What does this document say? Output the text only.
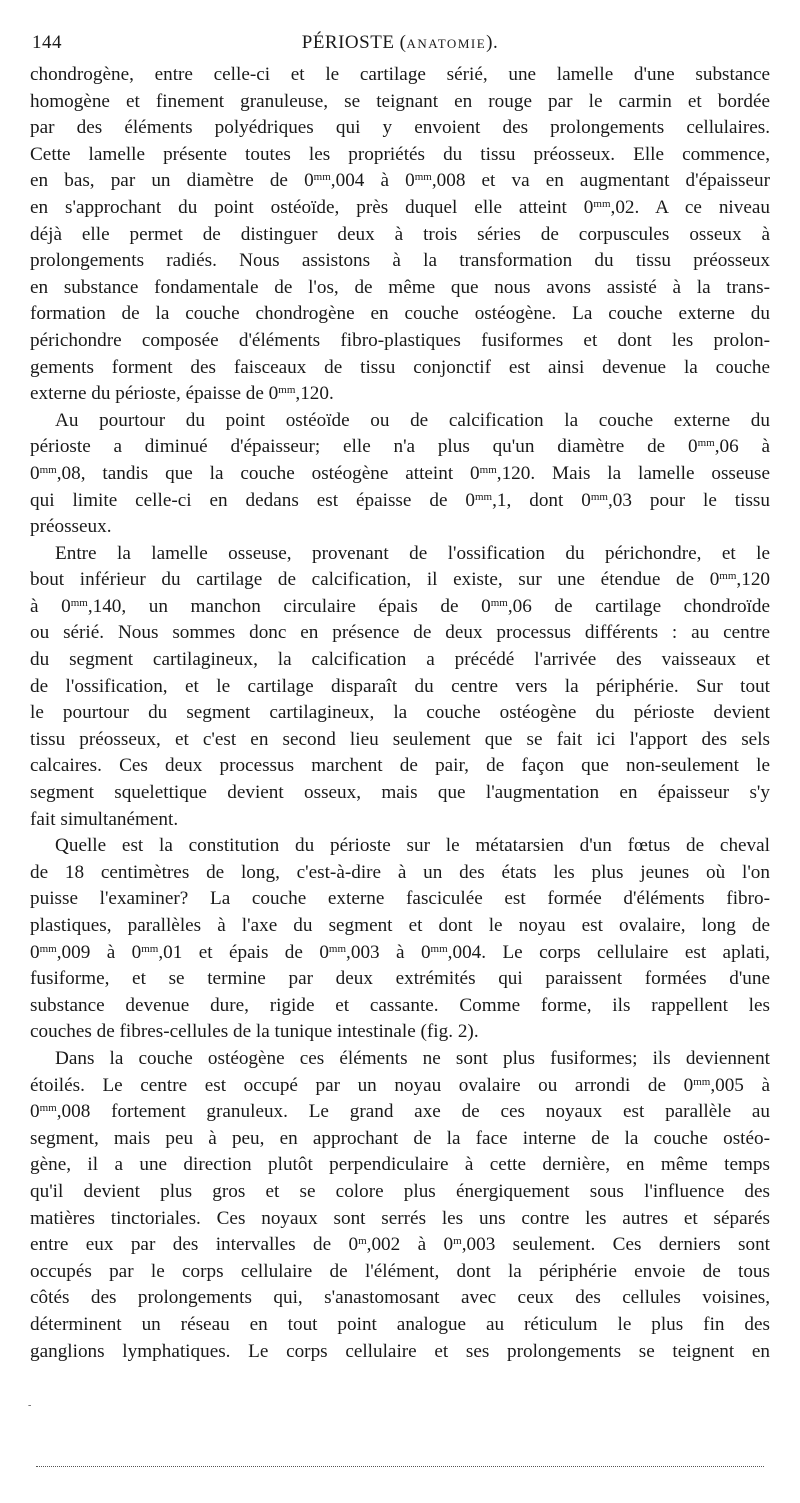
144	PÉRIOSTE (ANATOMIE).

chondrogène, entre celle-ci et le cartilage sérié, une lamelle d'une substance
homogène et finement granuleuse, se teignant en rouge par le carmin et bordée
par des éléments polyédriques qui y envoient des prolongements cellulaires.
Cette lamelle présente toutes les propriétés du tissu préosseux. Elle commence,
en bas, par un diamètre de $0^{mm},004$ à $0^{mm},008$ et va en augmentant d'épaisseur
en s'approchant du point ostéoïde, près duquel elle atteint $0^{mm},02$. A ce niveau
déjà elle permet de distinguer deux à trois séries de corpuscules osseux à
prolongements radiés. Nous assistons à la transformation du tissu préosseux
en substance fondamentale de l'os, de même que nous avons assisté à la trans-
formation de la couche chondrogène en couche ostéogène. La couche externe du
périchondre composée d'éléments fibro-plastiques fusiformes et dont les prolon-
gements forment des faisceaux de tissu conjonctif est ainsi devenue la couche
externe du périoste, épaisse de $0^{mm},120$.

Au pourtour du point ostéoïde ou de calcification la couche externe du
périoste a diminué d'épaisseur; elle n'a plus qu'un diamètre de $0^{mm},06$ à
$0^{mm},08$, tandis que la couche ostéogène atteint $0^{mm},120$. Mais la lamelle osseuse
qui limite celle-ci en dedans est épaisse de $0^{mm},1$, dont $0^{mm},03$ pour le tissu
préosseux.

Entre la lamelle osseuse, provenant de l'ossification du périchondre, et le
bout inférieur du cartilage de calcification, il existe, sur une étendue de $0^{mm},120$
à $0^{mm},140$, un manchon circulaire épais de $0^{mm},06$ de cartilage chondroïde
ou sérié. Nous sommes donc en présence de deux processus différents : au centre
du segment cartilagineux, la calcification a précédé l'arrivée des vaisseaux et
de l'ossification, et le cartilage disparaît du centre vers la périphérie. Sur tout
le pourtour du segment cartilagineux, la couche ostéogène du périoste devient
tissu préosseux, et c'est en second lieu seulement que se fait ici l'apport des sels
calcaires. Ces deux processus marchent de pair, de façon que non-seulement le
segment squelettique devient osseux, mais que l'augmentation en épaisseur s'y
fait simultanément.

Quelle est la constitution du périoste sur le métatarsien d'un fœtus de cheval
de 18 centimètres de long, c'est-à-dire à un des états les plus jeunes où l'on
puisse l'examiner? La couche externe fasciculée est formée d'éléments fibro-
plastiques, parallèles à l'axe du segment et dont le noyau est ovalaire, long de
$0^{mm},009$ à $0^{mm},01$ et épais de $0^{mm},003$ à $0^{mm},004$. Le corps cellulaire est aplati,
fusiforme, et se termine par deux extrémités qui paraissent formées d'une
substance devenue dure, rigide et cassante. Comme forme, ils rappellent les
couches de fibres-cellules de la tunique intestinale (fig. 2).

Dans la couche ostéogène ces éléments ne sont plus fusiformes; ils deviennent
étoilés. Le centre est occupé par un noyau ovalaire ou arrondi de $0^{mm},005$ à
$0^{mm},008$ fortement granuleux. Le grand axe de ces noyaux est parallèle au
segment, mais peu à peu, en approchant de la face interne de la couche ostéo-
gène, il a une direction plutôt perpendiculaire à cette dernière, en même temps
qu'il devient plus gros et se colore plus énergiquement sous l'influence des
matières tinctoriales. Ces noyaux sont serrés les uns contre les autres et séparés
entre eux par des intervalles de 0$^m$,002 à 0$^m$,003 seulement. Ces derniers sont
occupés par le corps cellulaire de l'élément, dont la périphérie envoie de tous
côtés des prolongements qui, s'anastomosant avec ceux des cellules voisines,
déterminent un réseau en tout point analogue au réticulum le plus fin des
ganglions lymphatiques. Le corps cellulaire et ses prolongements se teignent en

-
